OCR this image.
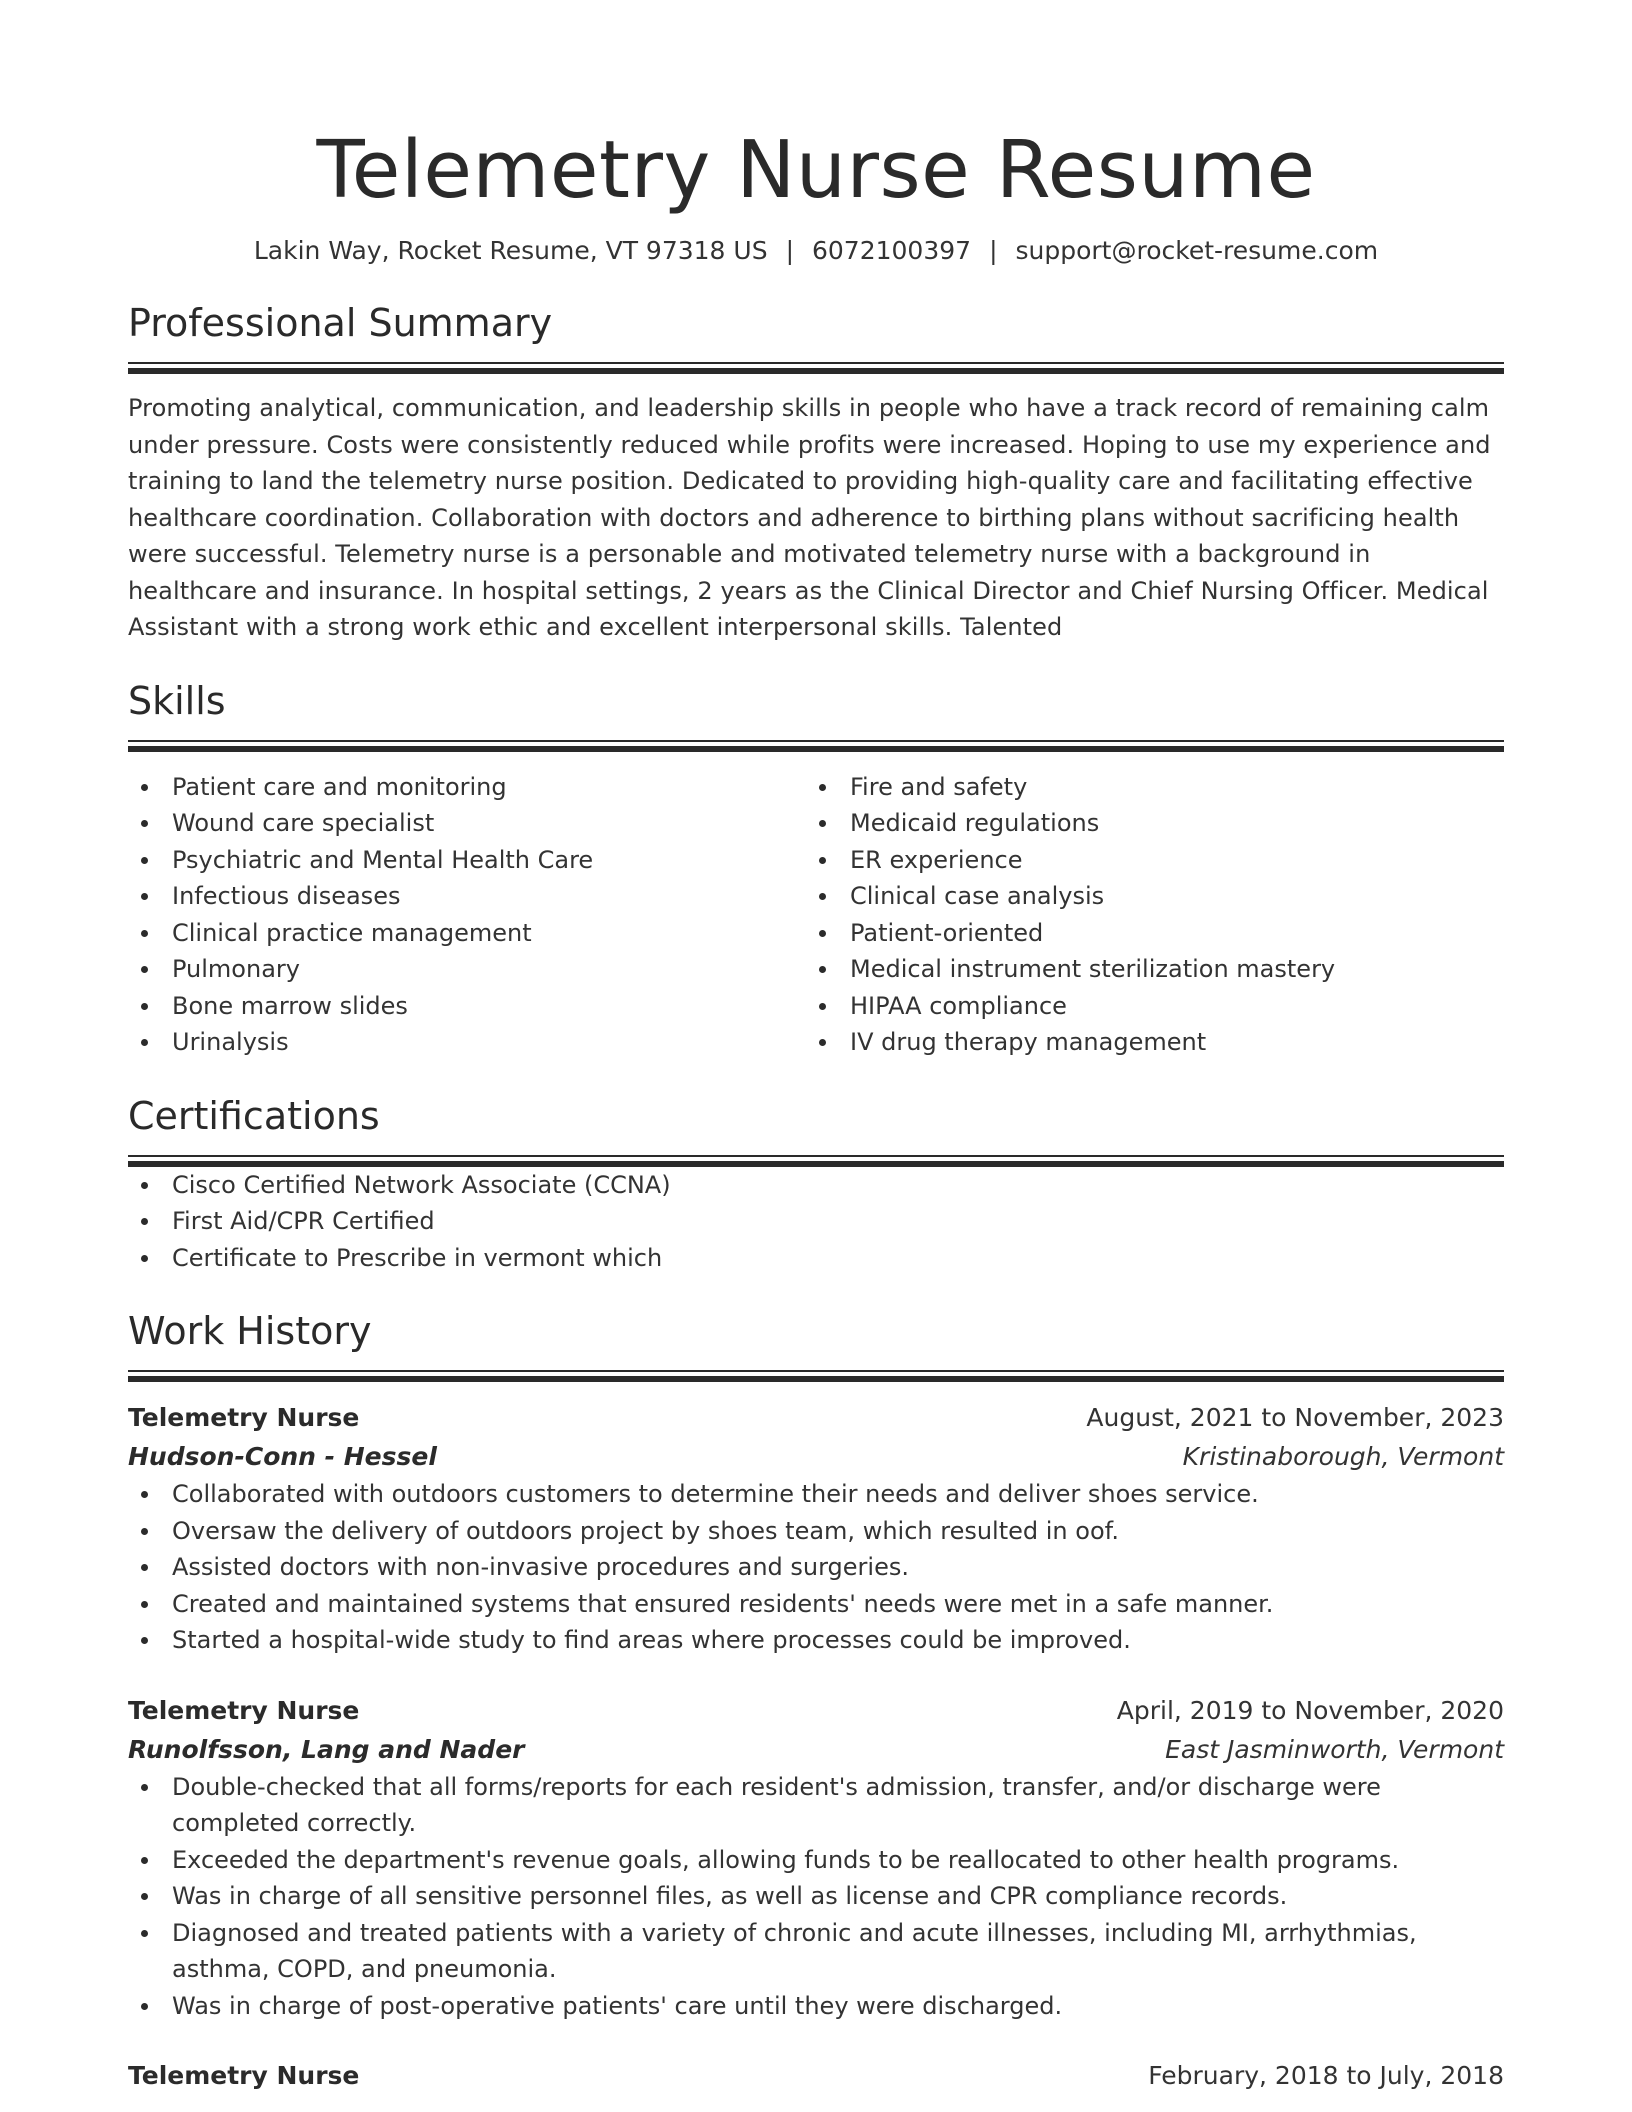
Telemetry Nurse Resume
Lakin Way, Rocket Resume, VT 97318 US | 6072100397 | support@rocket-resume.com
Professional Summary
Promoting analytical, communication, and leadership skills in people who have a track record of remaining calm under pressure. Costs were consistently reduced while profits were increased. Hoping to use my experience and training to land the telemetry nurse position. Dedicated to providing high-quality care and facilitating effective healthcare coordination. Collaboration with doctors and adherence to birthing plans without sacrificing health were successful. Telemetry nurse is a personable and motivated telemetry nurse with a background in healthcare and insurance. In hospital settings, 2 years as the Clinical Director and Chief Nursing Officer. Medical Assistant with a strong work ethic and excellent interpersonal skills. Talented
Skills
Patient care and monitoring
Wound care specialist
Psychiatric and Mental Health Care
Infectious diseases
Clinical practice management
Pulmonary
Bone marrow slides
Urinalysis
Fire and safety
Medicaid regulations
ER experience
Clinical case analysis
Patient-oriented
Medical instrument sterilization mastery
HIPAA compliance
IV drug therapy management
Certifications
Cisco Certified Network Associate (CCNA)
First Aid/CPR Certified
Certificate to Prescribe in vermont which
Work History
Telemetry Nurse	August, 2021 to November, 2023
Hudson-Conn - Hessel	Kristinaborough, Vermont
Collaborated with outdoors customers to determine their needs and deliver shoes service.
Oversaw the delivery of outdoors project by shoes team, which resulted in oof.
Assisted doctors with non-invasive procedures and surgeries.
Created and maintained systems that ensured residents' needs were met in a safe manner.
Started a hospital-wide study to find areas where processes could be improved.
Telemetry Nurse	April, 2019 to November, 2020
Runolfsson, Lang and Nader	East Jasminworth, Vermont
Double-checked that all forms/reports for each resident's admission, transfer, and/or discharge were completed correctly.
Exceeded the department's revenue goals, allowing funds to be reallocated to other health programs.
Was in charge of all sensitive personnel files, as well as license and CPR compliance records.
Diagnosed and treated patients with a variety of chronic and acute illnesses, including MI, arrhythmias, asthma, COPD, and pneumonia.
Was in charge of post-operative patients' care until they were discharged.
Telemetry Nurse	February, 2018 to July, 2018
